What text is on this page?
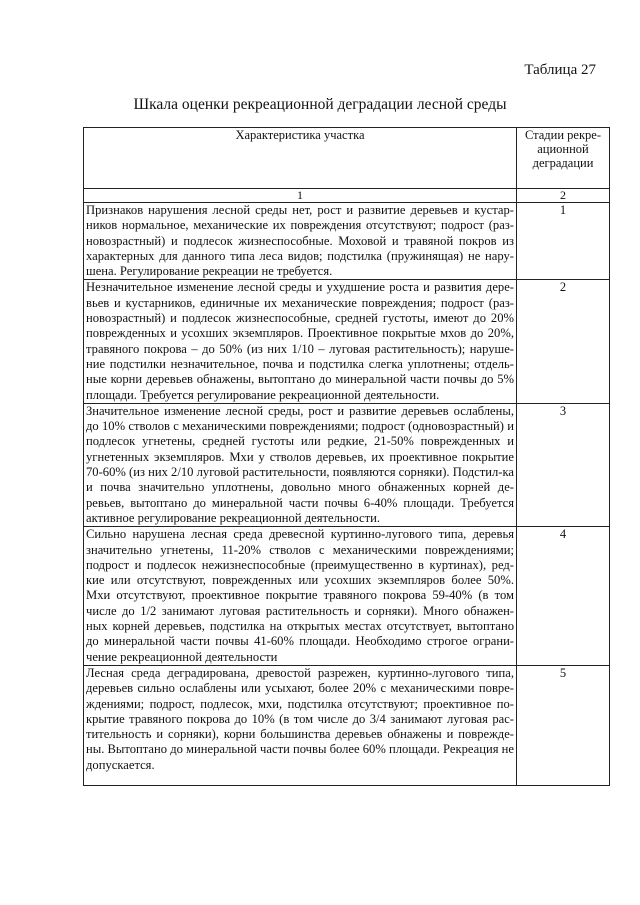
Таблица 27
Шкала оценки рекреационной деградации лесной среды
Характеристика участка	Стадии рекре-ационной деградации
1	2
Признаков нарушения лесной среды нет, рост и развитие деревьев и кустар-ников нормальное, механические их повреждения отсутствуют; подрост (раз-новозрастный) и подлесок жизнеспособные. Моховой и травяной покров из характерных для данного типа леса видов; подстилка (пружинящая) не нару-шена. Регулирование рекреации не требуется.	1
Незначительное изменение лесной среды и ухудшение роста и развития дере-вьев и кустарников, единичные их механические повреждения; подрост (раз-новозрастный) и подлесок жизнеспособные, средней густоты, имеют до 20% поврежденных и усохших экземпляров. Проективное покрытые мхов до 20%, травяного покрова – до 50% (из них 1/10 – луговая растительность); наруше-ние подстилки незначительное, почва и подстилка слегка уплотнены; отдель-ные корни деревьев обнажены, вытоптано до минеральной части почвы до 5% площади. Требуется регулирование рекреационной деятельности.	2
Значительное изменение лесной среды, рост и развитие деревьев ослаблены, до 10% стволов с механическими повреждениями; подрост (одновозрастный) и подлесок угнетены, средней густоты или редкие, 21-50% поврежденных и угнетенных экземпляров. Мхи у стволов деревьев, их проективное покрытие 70-60% (из них 2/10 луговой растительности, появляются сорняки). Подстил-ка и почва значительно уплотнены, довольно много обнаженных корней де-ревьев, вытоптано до минеральной части почвы 6-40% площади. Требуется активное регулирование рекреационной деятельности.	3
Сильно нарушена лесная среда древесной куртинно-лугового типа, деревья значительно угнетены, 11-20% стволов с механическими повреждениями; подрост и подлесок нежизнеспособные (преимущественно в куртинах), ред-кие или отсутствуют, поврежденных или усохших экземпляров более 50%. Мхи отсутствуют, проективное покрытие травяного покрова 59-40% (в том числе до 1/2 занимают луговая растительность и сорняки). Много обнажен-ных корней деревьев, подстилка на открытых местах отсутствует, вытоптано до минеральной части почвы 41-60% площади. Необходимо строгое ограни-чение рекреационной деятельности	4
Лесная среда деградирована, древостой разрежен, куртинно-лугового типа, деревьев сильно ослаблены или усыхают, более 20% с механическими повре-ждениями; подрост, подлесок, мхи, подстилка отсутствуют; проективное по-крытие травяного покрова до 10% (в том числе до 3/4 занимают луговая рас-тительность и сорняки), корни большинства деревьев обнажены и поврежде-ны. Вытоптано до минеральной части почвы более 60% площади. Рекреация не допускается.	5
